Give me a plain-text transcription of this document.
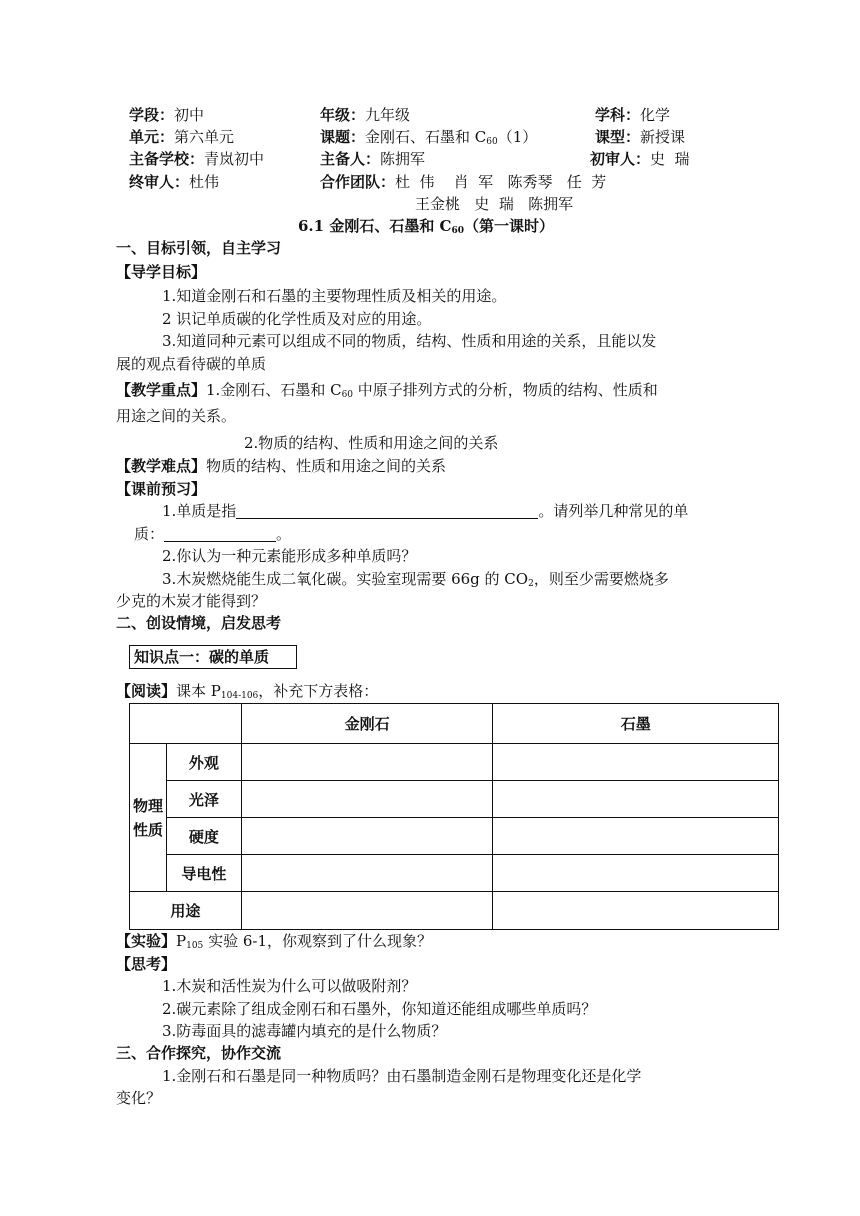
学段：初中	年级：九年级	学科：化学
单元：第六单元	课题：金刚石、石墨和 $C_{60}(1)$	课型：新授课
主备学校：青岚初中	主备人：陈拥军	初审人：史  瑞
终审人：杜伟	合作团队：杜  伟    肖  军   陈秀琴   任  芳
王金桃   史  瑞   陈拥军
6.1 金刚石、石墨和 $C_{60}$（第一课时）
一、目标引领，自主学习
【导学目标】
1.知道金刚石和石墨的主要物理性质及相关的用途。
2 识记单质碳的化学性质及对应的用途。
3.知道同种元素可以组成不同的物质，结构、性质和用途的关系，且能以发
展的观点看待碳的单质
【教学重点】1.金刚石、石墨和 $C_{60}$ 中原子排列方式的分析，物质的结构、性质和
用途之间的关系。
2.物质的结构、性质和用途之间的关系
【教学难点】物质的结构、性质和用途之间的关系
【课前预习】
1.单质是指	。请列举几种常见的单
质：	。
2.你认为一种元素能形成多种单质吗？
3.木炭燃烧能生成二氧化碳。实验室现需要 66g 的 $CO_2$，则至少需要燃烧多
少克的木炭才能得到？
二、创设情境，启发思考
知识点一：碳的单质
【阅读】课本 $P_{104-106}$，补充下方表格：
		金刚石	石墨
物理
性质	外观		
	光泽		
	硬度		
	导电性		
用途			
【实验】$P_{105}$ 实验 6-1，你观察到了什么现象？
【思考】
1.木炭和活性炭为什么可以做吸附剂？
2.碳元素除了组成金刚石和石墨外，你知道还能组成哪些单质吗？
3.防毒面具的滤毒罐内填充的是什么物质？
三、合作探究，协作交流
1.金刚石和石墨是同一种物质吗？由石墨制造金刚石是物理变化还是化学
变化？
